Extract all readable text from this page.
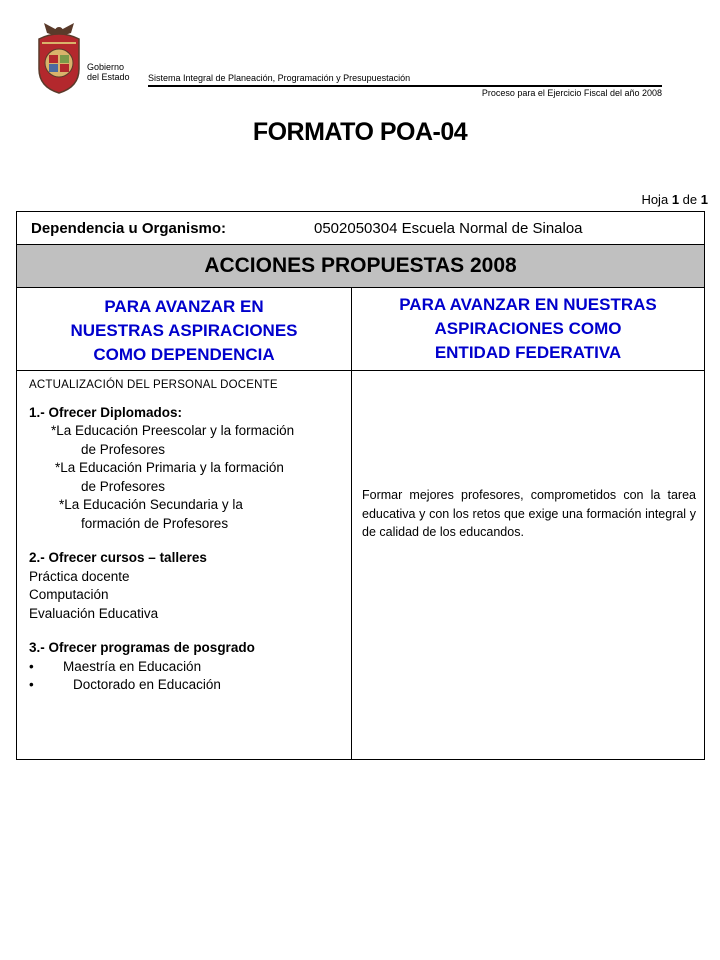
Gobierno
del Estado Sistema Integral de Planeación, Programación y Presupuestación
Proceso para el Ejercicio Fiscal del año 2008
FORMATO POA-04
Hoja 1 de 1
Dependencia u Organismo:	0502050304 Escuela Normal de Sinaloa
ACCIONES PROPUESTAS 2008
PARA AVANZAR EN
NUESTRAS ASPIRACIONES
COMO DEPENDENCIA
PARA AVANZAR EN NUESTRAS
ASPIRACIONES COMO
ENTIDAD FEDERATIVA
ACTUALIZACIÓN DEL PERSONAL DOCENTE
1.- Ofrecer Diplomados:
*La Educación Preescolar y la formación
de Profesores
*La Educación Primaria y la formación
de Profesores
*La Educación Secundaria y la
formación de Profesores
2.- Ofrecer cursos – talleres
Práctica docente
Computación
Evaluación Educativa
3.- Ofrecer programas de posgrado
•	Maestría en Educación
•	Doctorado en Educación
Formar mejores profesores, comprometidos con la tarea educativa y con los retos que exige una formación integral y de calidad de los educandos.
